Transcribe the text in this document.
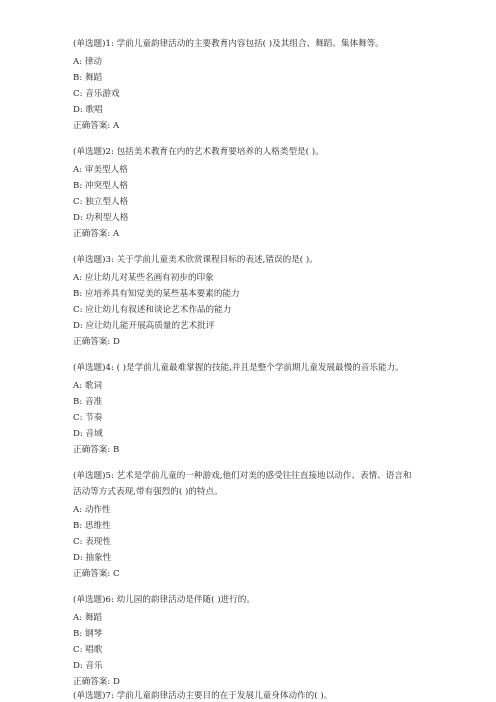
(单选题)1: 学前儿童韵律活动的主要教育内容包括( )及其组合、舞蹈、集体舞等。
A: 律动
B: 舞蹈
C: 音乐游戏
D: 歌唱
正确答案: A
(单选题)2: 包括美术教育在内的艺术教育要培养的人格类型是( )。
A: 审美型人格
B: 冲突型人格
C: 独立型人格
D: 功利型人格
正确答案: A
(单选题)3: 关于学前儿童美术欣赏课程目标的表述,错误的是( )。
A: 应让幼儿对某些名画有初步的印象
B: 应培养具有知觉美的某些基本要素的能力
C: 应让幼儿有叙述和谈论艺术作品的能力
D: 应让幼儿能开展高质量的艺术批评
正确答案: D
(单选题)4: ( )是学前儿童最难掌握的技能,并且是整个学前期儿童发展最慢的音乐能力。
A: 歌词
B: 音准
C: 节奏
D: 音域
正确答案: B
(单选题)5: 艺术是学前儿童的一种游戏,他们对美的感受往往直接地以动作、表情、语言和
活动等方式表现,带有强烈的( )的特点。
A: 动作性
B: 思维性
C: 表现性
D: 抽象性
正确答案: C
(单选题)6: 幼儿园的韵律活动是伴随( )进行的。
A: 舞蹈
B: 钢琴
C: 唱歌
D: 音乐
正确答案: D
(单选题)7: 学前儿童韵律活动主要目的在于发展儿童身体动作的( )。
